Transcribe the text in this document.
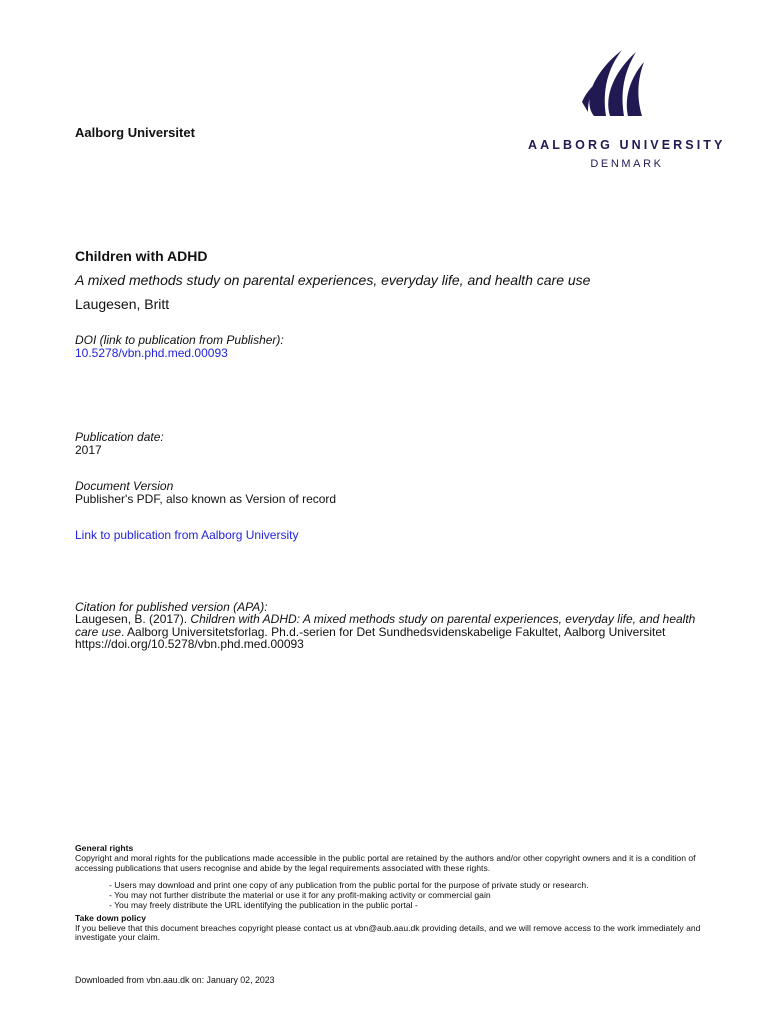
Aalborg Universitet
AALBORG UNIVERSITY
DENMARK
Children with ADHD
A mixed methods study on parental experiences, everyday life, and health care use
Laugesen, Britt
DOI (link to publication from Publisher):
10.5278/vbn.phd.med.00093
Publication date:
2017
Document Version
Publisher's PDF, also known as Version of record
Link to publication from Aalborg University
Citation for published version (APA):
Laugesen, B. (2017). Children with ADHD: A mixed methods study on parental experiences, everyday life, and health care use. Aalborg Universitetsforlag. Ph.d.-serien for Det Sundhedsvidenskabelige Fakultet, Aalborg Universitet https://doi.org/10.5278/vbn.phd.med.00093

General rights

Copyright and moral rights for the publications made accessible in the public portal are retained by the authors and/or other copyright owners and it is a condition of accessing publications that users recognise and abide by the legal requirements associated with these rights.

- Users may download and print one copy of any publication from the public portal for the purpose of private study or research.
- You may not further distribute the material or use it for any profit-making activity or commercial gain
- You may freely distribute the URL identifying the publication in the public portal -

Take down policy

If you believe that this document breaches copyright please contact us at vbn@aub.aau.dk providing details, and we will remove access to the work immediately and investigate your claim.

Downloaded from vbn.aau.dk on: January 02, 2023
